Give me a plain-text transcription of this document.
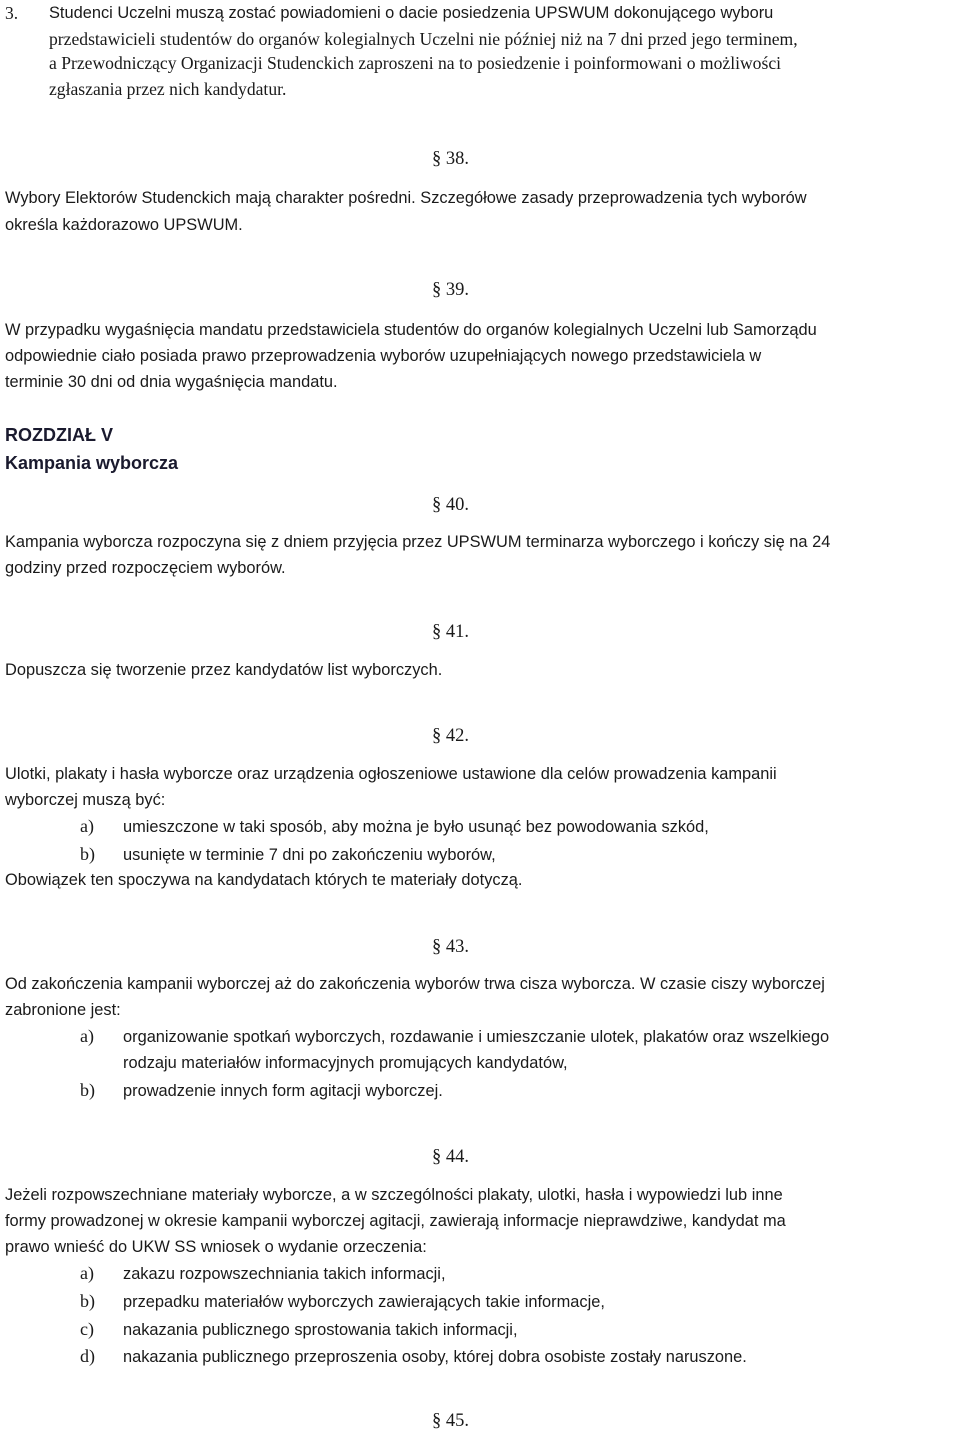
3. Studenci Uczelni muszą zostać powiadomieni o dacie posiedzenia UPSWUM dokonującego wyboru
przedstawicieli studentów do organów kolegialnych Uczelni nie później niż na 7 dni przed jego terminem,
a Przewodniczący Organizacji Studenckich zaproszeni na to posiedzenie i poinformowani o możliwości
zgłaszania przez nich kandydatur.
§ 38.
Wybory Elektorów Studenckich mają charakter pośredni. Szczegółowe zasady przeprowadzenia tych wyborów
określa każdorazowo UPSWUM.
§ 39.
W przypadku wygaśnięcia mandatu przedstawiciela studentów do organów kolegialnych Uczelni lub Samorządu
odpowiednie ciało posiada prawo przeprowadzenia wyborów uzupełniających nowego przedstawiciela w
terminie 30 dni od dnia wygaśnięcia mandatu.
ROZDZIAŁ V
Kampania wyborcza
§ 40.
Kampania wyborcza rozpoczyna się z dniem przyjęcia przez UPSWUM terminarza wyborczego i kończy się na 24
godziny przed rozpoczęciem wyborów.
§ 41.
Dopuszcza się tworzenie przez kandydatów list wyborczych.
§ 42.
Ulotki, plakaty i hasła wyborcze oraz urządzenia ogłoszeniowe ustawione dla celów prowadzenia kampanii
wyborczej muszą być:
a) umieszczone w taki sposób, aby można je było usunąć bez powodowania szkód,
b) usunięte w terminie 7 dni po zakończeniu wyborów,
Obowiązek ten spoczywa na kandydatach których te materiały dotyczą.
§ 43.
Od zakończenia kampanii wyborczej aż do zakończenia wyborów trwa cisza wyborcza. W czasie ciszy wyborczej
zabronione jest:
a) organizowanie spotkań wyborczych, rozdawanie i umieszczanie ulotek, plakatów oraz wszelkiego
rodzaju materiałów informacyjnych promujących kandydatów,
b) prowadzenie innych form agitacji wyborczej.
§ 44.
Jeżeli rozpowszechniane materiały wyborcze, a w szczególności plakaty, ulotki, hasła i wypowiedzi lub inne
formy prowadzonej w okresie kampanii wyborczej agitacji, zawierają informacje nieprawdziwe, kandydat ma
prawo wnieść do UKW SS wniosek o wydanie orzeczenia:
a) zakazu rozpowszechniania takich informacji,
b) przepadku materiałów wyborczych zawierających takie informacje,
c) nakazania publicznego sprostowania takich informacji,
d) nakazania publicznego przeproszenia osoby, której dobra osobiste zostały naruszone.
§ 45.
